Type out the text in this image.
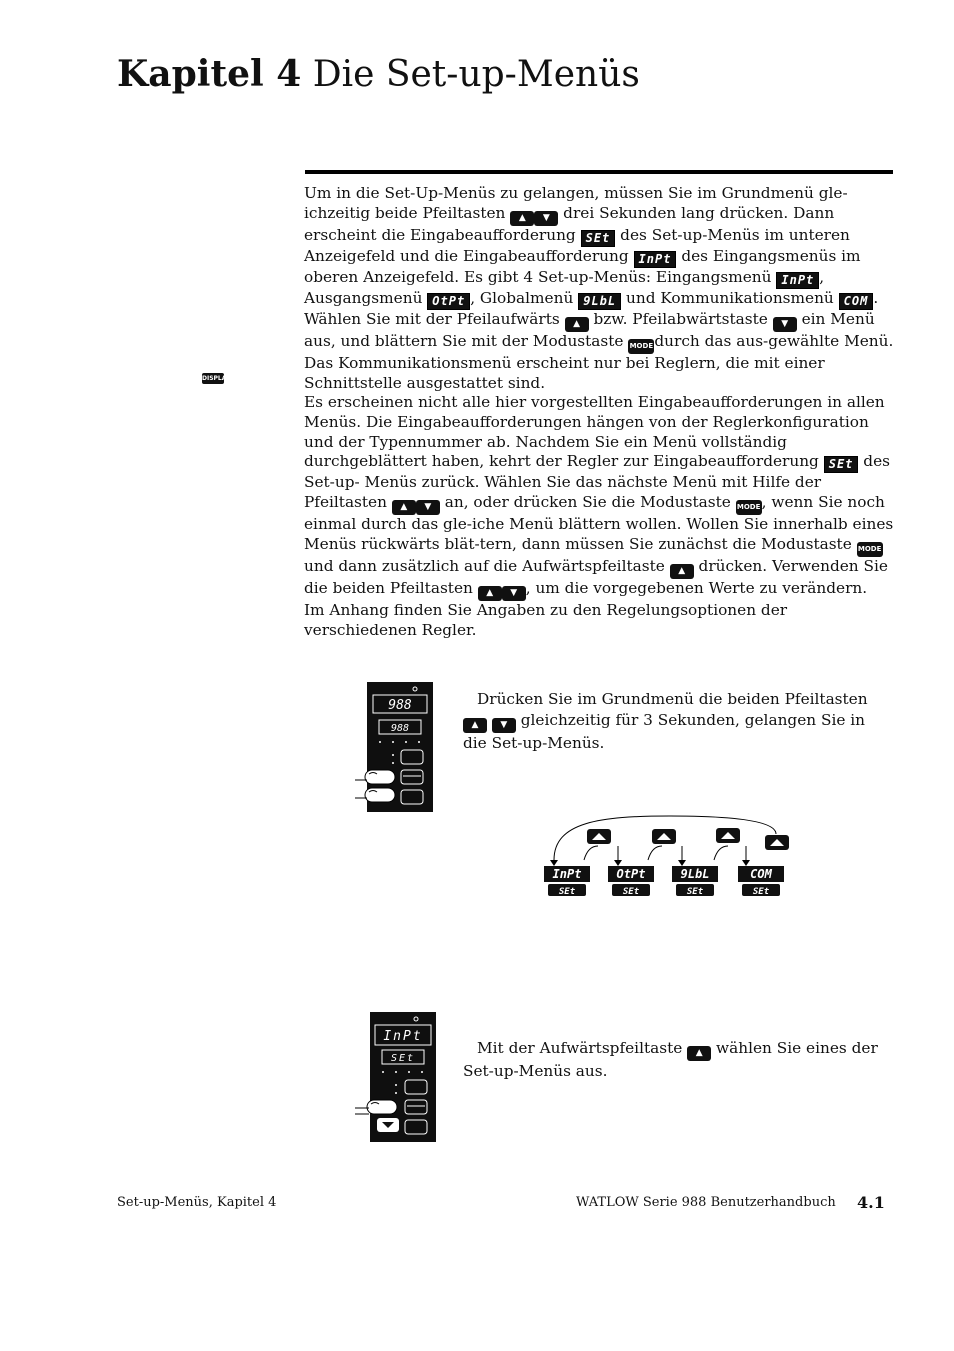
Kapitel 4 Die Set-up-Menüs
DISPLAY

Um in die Set-Up-Menüs zu gelangen, müssen Sie im Grundmenü gle-ichzeitig beide Pfeiltasten ▲ ▼ drei Sekunden lang drücken. Dann erscheint die Eingabeaufforderung SEt des Set-up-Menüs im unteren Anzeigefeld und die Eingabeaufforderung InPt des Eingangsmenüs im oberen Anzeigefeld. Es gibt 4 Set-up-Menüs: Eingangsmenü InPt , Ausgangsmenü OtPt , Globalmenü 9LbL und Kommunikationsmenü COM . Wählen Sie mit der Pfeilaufwärts ▲ bzw. Pfeilabwärtstaste ▼ ein Menü aus, und blättern Sie mit der Modustaste MODEdurch das aus-gewählte Menü. Das Kommunikationsmenü erscheint nur bei Reglern, die mit einer Schnittstelle ausgestattet sind.

Es erscheinen nicht alle hier vorgestellten Eingabeaufforderungen in allen Menüs. Die Eingabeaufforderungen hängen von der Reglerkonfiguration und der Typennummer ab. Nachdem Sie ein Menü vollständig durchgeblättert haben, kehrt der Regler zur Eingabeaufforderung SEt des Set-up- Menüs zurück. Wählen Sie das nächste Menü mit Hilfe der Pfeiltasten ▲ ▼ an, oder drücken Sie die Modustaste MODE, wenn Sie noch einmal durch das gle-iche Menü blättern wollen. Wollen Sie innerhalb eines Menüs rückwärts blät-tern, dann müssen Sie zunächst die Modustaste MODE und dann zusätzlich auf die Aufwärtspfeiltaste ▲ drücken. Verwenden Sie die beiden Pfeiltasten ▲ ▼ , um die vorgegebenen Werte zu verändern.

Im Anhang finden Sie Angaben zu den Regelungsoptionen der verschiedenen Regler.

988
988
Drücken Sie im Grundmenü die beiden Pfeiltasten ▲ ▼ gleichzeitig für 3 Sekunden, gelangen Sie in die Set-up-Menüs.
InPt
SEt
OtPt
SEt
9LbL
SEt
COM
SEt
InPt
SEt
Mit der Aufwärtspfeiltaste ▲ wählen Sie eines der Set-up-Menüs aus.
Set-up-Menüs, Kapitel 4	WATLOW Serie 988 Benutzerhandbuch 4.1
